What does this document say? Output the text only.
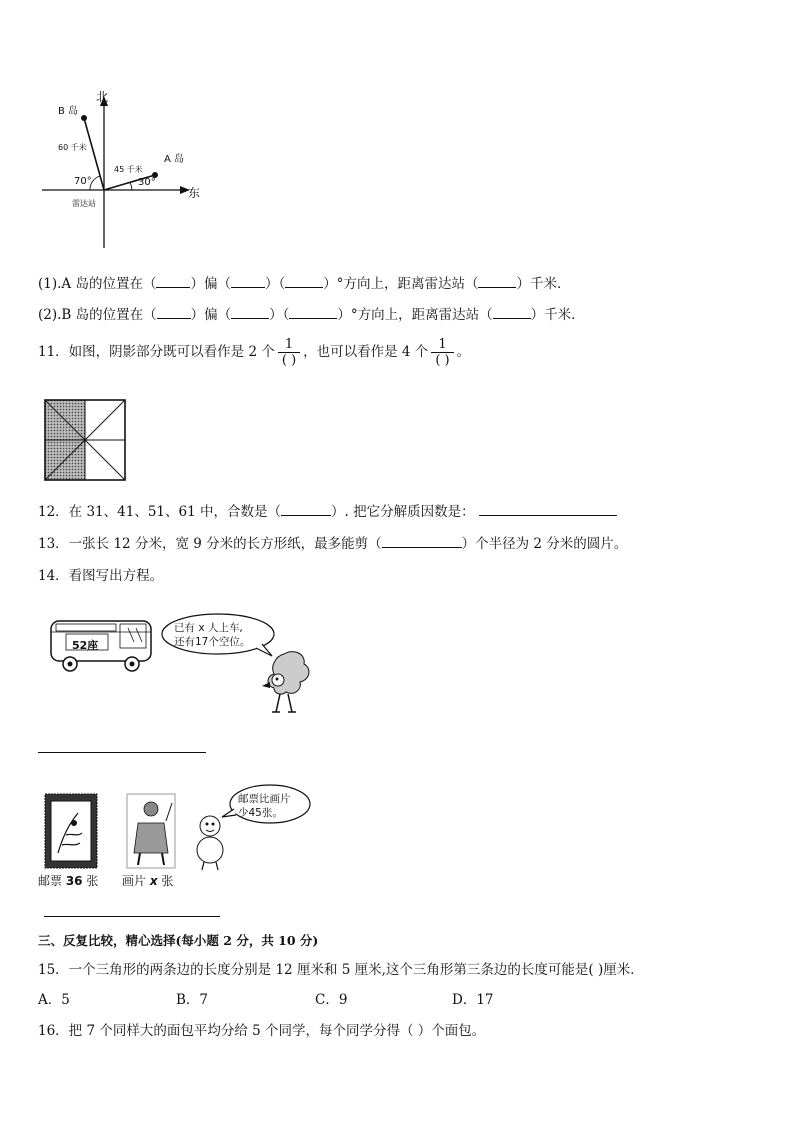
北
东
B 岛
A 岛
60 千米
45 千米
70°	30°
雷达站
(1).A 岛的位置在（	）偏（	）（	）°方向上，距离雷达站（	）千米．
(2).B 岛的位置在（	）偏（	）（	）°方向上，距离雷达站（	）千米．
11．如图，阴影部分既可以看作是 2 个 $\frac{1}{( )}$ ，也可以看作是 4 个 $\frac{1}{( )}$ 。
12．在 31、41、51、61 中，合数是（	）. 把它分解质因数是：
13．一张长 12 分米，宽 9 分米的长方形纸，最多能剪（	）个半径为 2 分米的圆片。
14．看图写出方程。
52座
已有 x 人上车,
还有17个空位。
邮票 36 张 画片 x 张
邮票比画片
少45张。
三、反复比较，精心选择(每小题 2 分，共 10 分)
15．一个三角形的两条边的长度分别是 12 厘米和 5 厘米,这个三角形第三条边的长度可能是( )厘米．
A．5	B．7	C．9	D．17
16．把 7 个同样大的面包平均分给 5 个同学，每个同学分得（ ）个面包。
